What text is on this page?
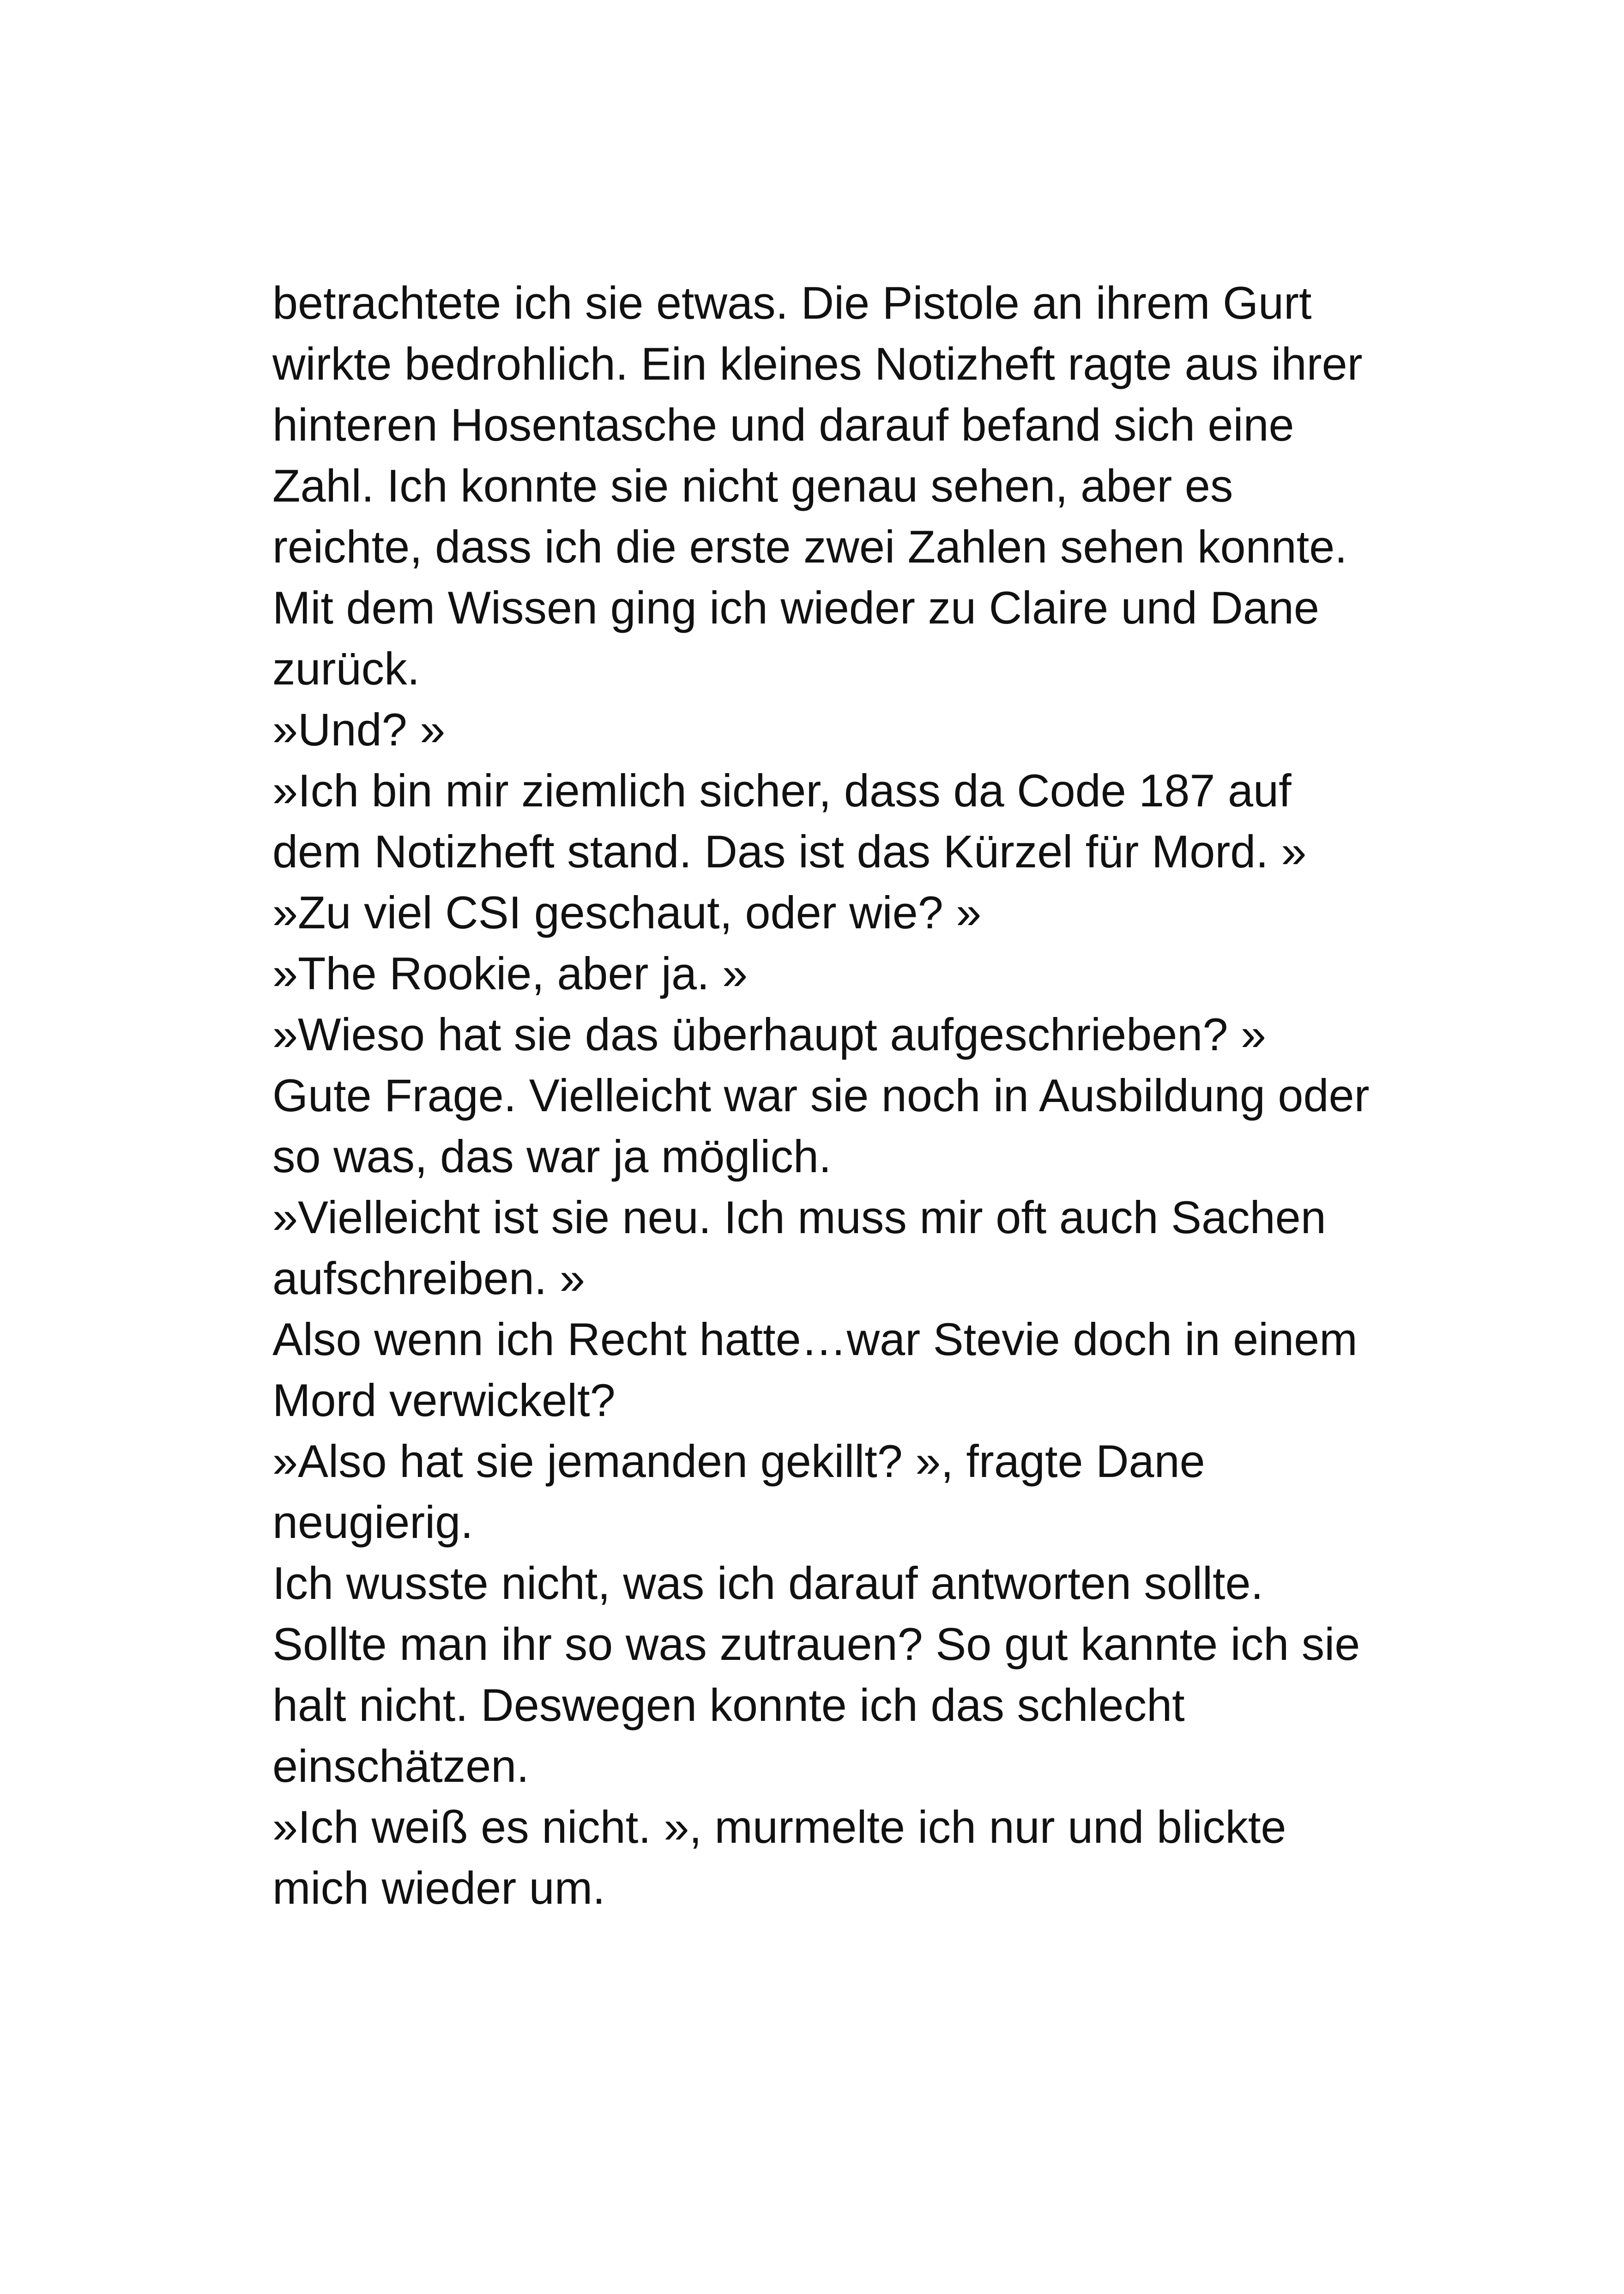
betrachtete ich sie etwas. Die Pistole an ihrem Gurt
wirkte bedrohlich. Ein kleines Notizheft ragte aus ihrer
hinteren Hosentasche und darauf befand sich eine
Zahl. Ich konnte sie nicht genau sehen, aber es
reichte, dass ich die erste zwei Zahlen sehen konnte.
Mit dem Wissen ging ich wieder zu Claire und Dane
zurück.
»Und? »
»Ich bin mir ziemlich sicher, dass da Code 187 auf
dem Notizheft stand. Das ist das Kürzel für Mord. »
»Zu viel CSI geschaut, oder wie? »
»The Rookie, aber ja. »
»Wieso hat sie das überhaupt aufgeschrieben? »
Gute Frage. Vielleicht war sie noch in Ausbildung oder
so was, das war ja möglich.
»Vielleicht ist sie neu. Ich muss mir oft auch Sachen
aufschreiben. »
Also wenn ich Recht hatte…war Stevie doch in einem
Mord verwickelt?
»Also hat sie jemanden gekillt? », fragte Dane
neugierig.
Ich wusste nicht, was ich darauf antworten sollte.
Sollte man ihr so was zutrauen? So gut kannte ich sie
halt nicht. Deswegen konnte ich das schlecht
einschätzen.
»Ich weiß es nicht. », murmelte ich nur und blickte
mich wieder um.
